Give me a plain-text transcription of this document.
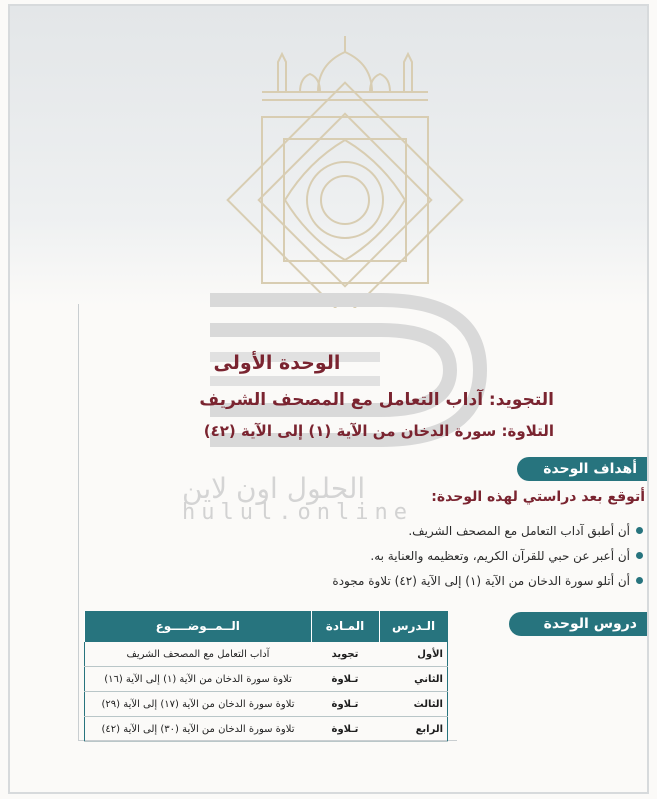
الحلول اون لاين
hulul.online
الوحدة الأولى
التجويد: آداب التعامل مع المصحف الشريف
التلاوة: سورة الدخان من الآية (١) إلى الآية (٤٢)
أهداف الوحدة
أتوقع بعد دراستي لهذه الوحدة:
أن أطبق آداب التعامل مع المصحف الشريف.
أن أعبر عن حبي للقرآن الكريم، وتعظيمه والعناية به.
أن أتلو سورة الدخان من الآية (١) إلى الآية (٤٢) تلاوة مجودة
دروس الوحدة
الـدرس	المـادة	الــمــوضــــوع
الأول	تجويد	آداب التعامل مع المصحف الشريف
الثاني	تـلاوة	تلاوة سورة الدخان من الآية (١) إلى الآية (١٦)
الثالث	تـلاوة	تلاوة سورة الدخان من الآية (١٧) إلى الآية (٢٩)
الرابع	تـلاوة	تلاوة سورة الدخان من الآية (٣٠) إلى الآية (٤٢)
